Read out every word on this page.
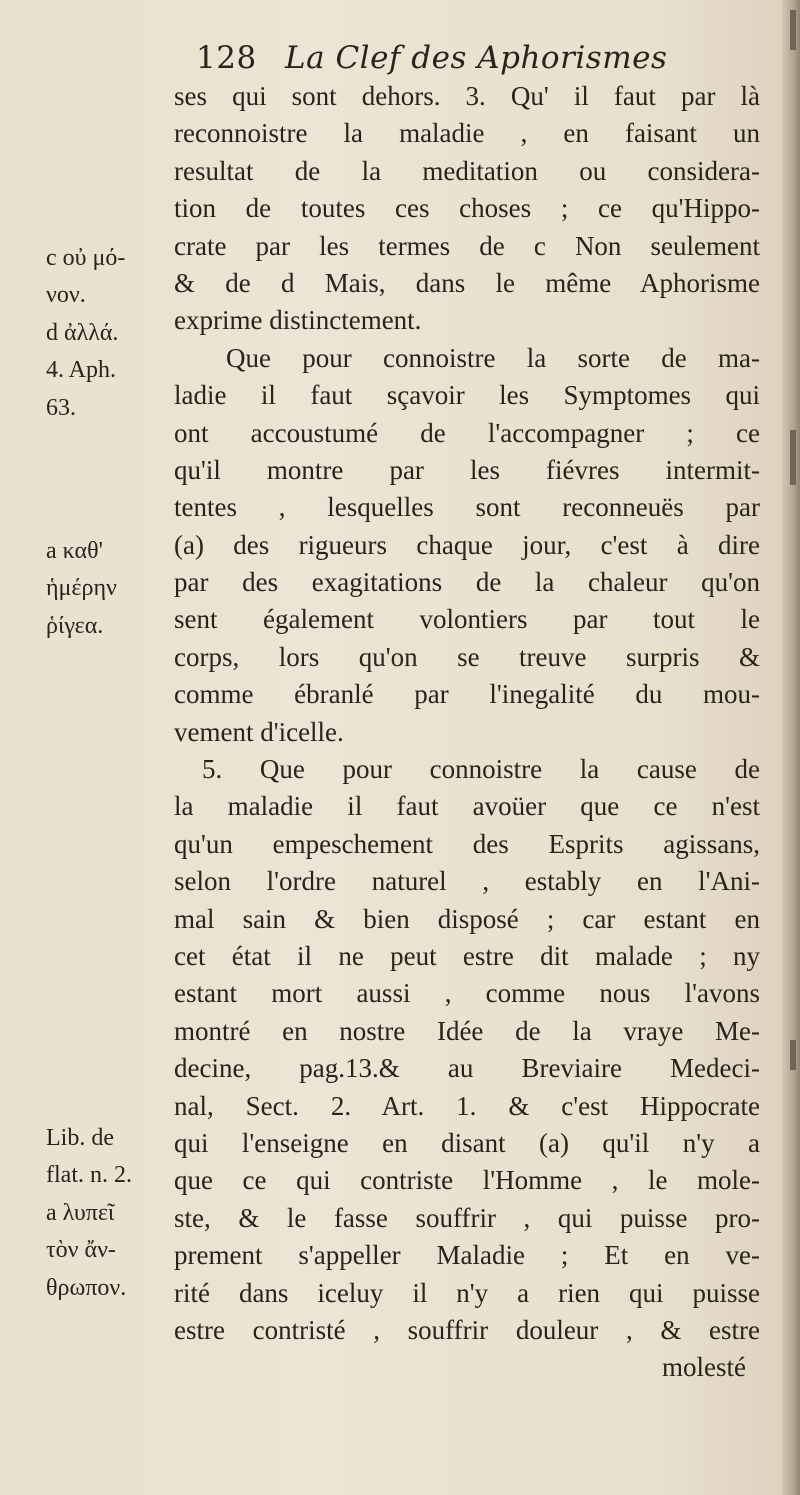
128 La Clef des Aphorismes
ses qui sont dehors. 3. Qu' il faut par là
reconnoistre la maladie , en faisant un
resultat de la meditation ou considera-
tion de toutes ces choses ; ce qu'Hippo-
crate par les termes de c Non seulement
& de d Mais, dans le même Aphorisme
exprime distinctement.
Que pour connoistre la sorte de ma-
ladie il faut sçavoir les Symptomes qui
ont accoustumé de l'accompagner ; ce
qu'il montre par les fiévres intermit-
tentes , lesquelles sont reconneuës par
(a) des rigueurs chaque jour, c'est à dire
par des exagitations de la chaleur qu'on
sent également volontiers par tout le
corps, lors qu'on se treuve surpris &
comme ébranlé par l'inegalité du mou-
vement d'icelle.
5. Que pour connoistre la cause de
la maladie il faut avoüer que ce n'est
qu'un empeschement des Esprits agissans,
selon l'ordre naturel , estably en l'Ani-
mal sain & bien disposé ; car estant en
cet état il ne peut estre dit malade ; ny
estant mort aussi , comme nous l'avons
montré en nostre Idée de la vraye Me-
decine, pag.13.& au Breviaire Medeci-
nal, Sect. 2. Art. 1. & c'est Hippocrate
qui l'enseigne en disant (a) qu'il n'y a
que ce qui contriste l'Homme , le mole-
ste, & le fasse souffrir , qui puisse pro-
prement s'appeller Maladie ; Et en ve-
rité dans iceluy il n'y a rien qui puisse
estre contristé , souffrir douleur , & estre
molesté
c οὐ μό-
νον.
d ἀλλά.
4. Aph.
63.
a καθ'
ἡμέρην
ῥίγεα.
Lib. de
flat. n. 2.
a λυπεῖ
τὸν ἄν-
θρωπον.
